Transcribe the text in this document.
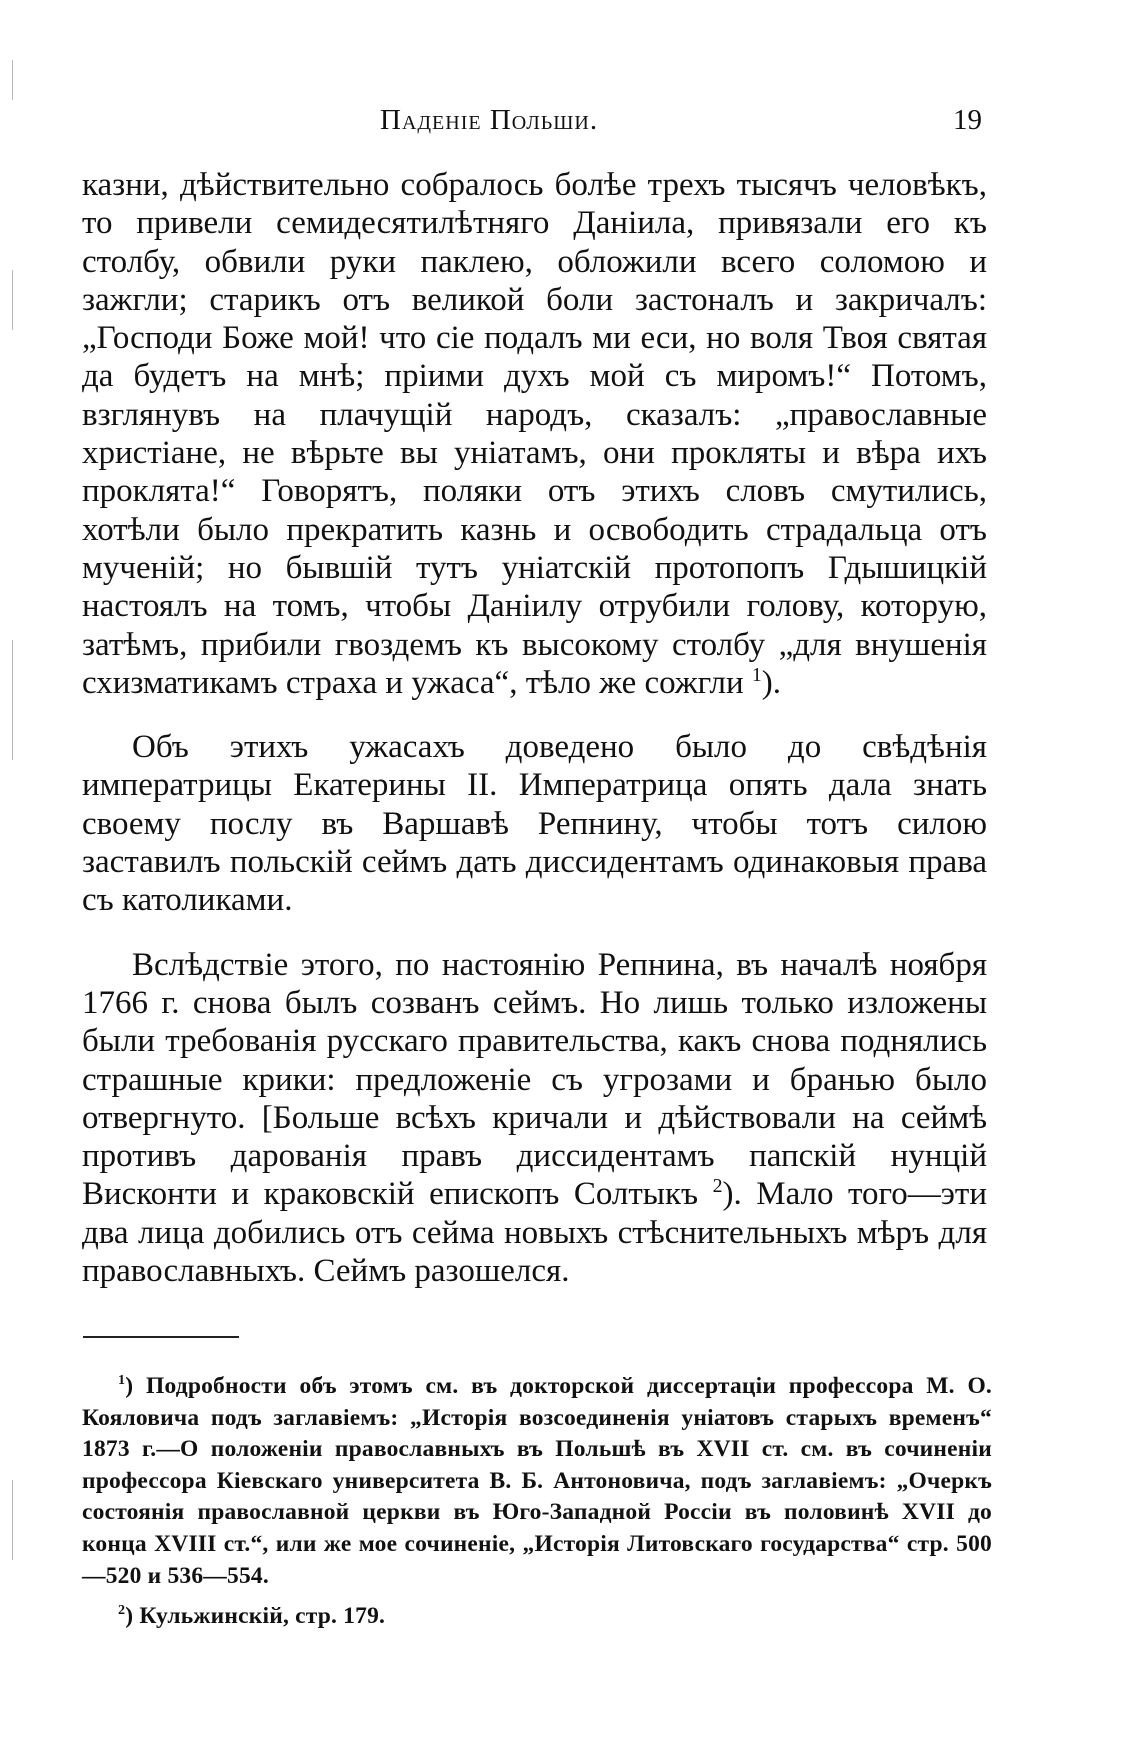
Паденіе Польши.	19

казни, дѣйствительно собралось болѣе трехъ тысячъ человѣкъ, то привели семидесятилѣтняго Даніила, привязали его къ столбу, обвили руки паклею, обложили всего соломою и зажгли; старикъ отъ великой боли застоналъ и закричалъ: „Господи Боже мой! что сіе подалъ ми еси, но воля Твоя святая да будетъ на мнѣ; пріими духъ мой съ миромъ!“ Потомъ, взглянувъ на плачущій народъ, сказалъ: „православные христіане, не вѣрьте вы уніатамъ, они прокляты и вѣра ихъ проклята!“ Говорятъ, поляки отъ этихъ словъ смутились, хотѣли было прекратить казнь и освободить страдальца отъ мученій; но бывшій тутъ уніатскій протопопъ Гдышицкій настоялъ на томъ, чтобы Даніилу отрубили голову, которую, затѣмъ, прибили гвоздемъ къ высокому столбу „для внушенія схизматикамъ страха и ужаса“, тѣло же сожгли $^1$).

Объ этихъ ужасахъ доведено было до свѣдѣнія императрицы Екатерины II. Императрица опять дала знать своему послу въ Варшавѣ Репнину, чтобы тотъ силою заставилъ польскій сеймъ дать диссидентамъ одинаковыя права съ католиками.

Вслѣдствіе этого, по настоянію Репнина, въ началѣ ноября 1766 г. снова былъ созванъ сеймъ. Но лишь только изложены были требованія русскаго правительства, какъ снова поднялись страшные крики: предложеніе съ угрозами и бранью было отвергнуто. [Больше всѣхъ кричали и дѣйствовали на сеймѣ противъ дарованія правъ диссидентамъ папскій нунцій Висконти и краковскій епископъ Солтыкъ $^2$). Мало того—эти два лица добились отъ сейма новыхъ стѣснительныхъ мѣръ для православныхъ. Сеймъ разошелся.

$^1$) Подробности объ этомъ см. въ докторской диссертаціи профессора М. О. Кояловича подъ заглавіемъ: „Исторія возсоединенія уніатовъ старыхъ временъ“ 1873 г.—О положеніи православныхъ въ Польшѣ въ XVII ст. см. въ сочиненіи профессора Кіевскаго университета В. Б. Антоновича, подъ заглавіемъ: „Очеркъ состоянія православной церкви въ Юго-Западной Россіи въ половинѣ XVII до конца XVIII ст.“, или же мое сочиненіе, „Исторія Литовскаго государства“ стр. 500—520 и 536—554.

$^2$) Кульжинскій, стр. 179.
